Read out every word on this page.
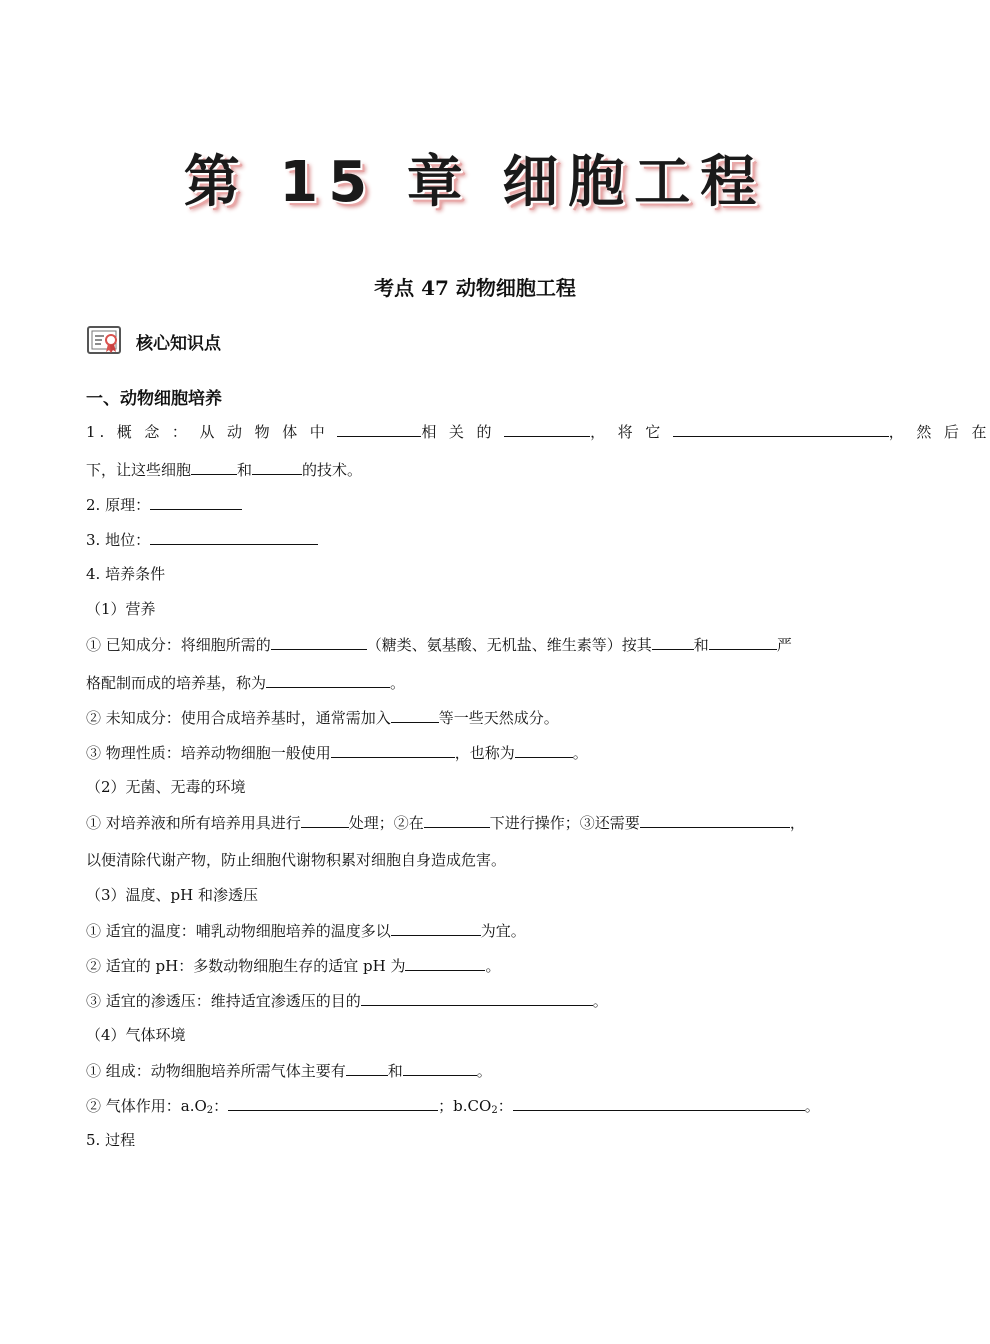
第 15 章 细胞工程
考点 47 动物细胞工程
核心知识点
一、动物细胞培养
1. 概 念 ： 从 动 物 体 中	相 关 的	， 将 它	， 然 后 在
下，让这些细胞	和	的技术。
2. 原理：
3. 地位：
4. 培养条件
（1）营养
① 已知成分：将细胞所需的	（糖类、氨基酸、无机盐、维生素等）按其	和	严
格配制而成的培养基，称为	。
② 未知成分：使用合成培养基时，通常需加入	等一些天然成分。
③ 物理性质：培养动物细胞一般使用	，也称为	。
（2）无菌、无毒的环境
① 对培养液和所有培养用具进行	处理；②在	下进行操作；③还需要	，
以便清除代谢产物，防止细胞代谢物积累对细胞自身造成危害。
（3）温度、pH 和渗透压
① 适宜的温度：哺乳动物细胞培养的温度多以	为宜。
② 适宜的 pH：多数动物细胞生存的适宜 pH 为	。
③ 适宜的渗透压：维持适宜渗透压的目的	。
（4）气体环境
① 组成：动物细胞培养所需气体主要有	和	。
② 气体作用：$a.O_2$：	；$b.CO_2$：	。
5. 过程
